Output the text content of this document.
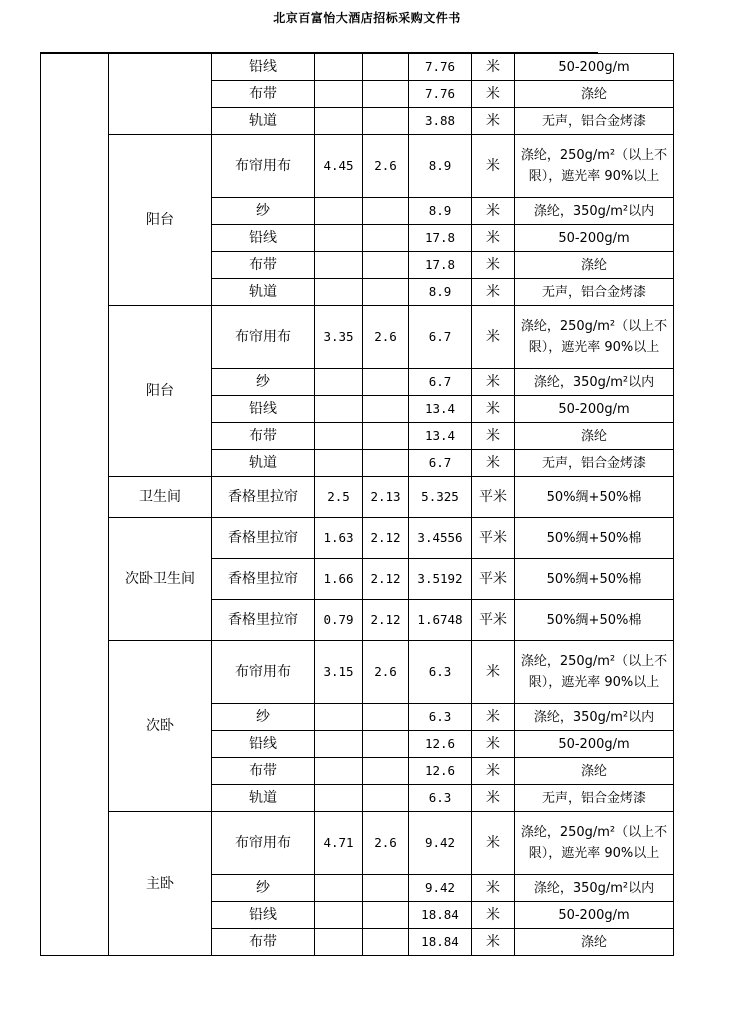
北京百富怡大酒店招标采购文件书
		铅线			7.76	米	50-200g/m
		布带			7.76	米	涤纶
		轨道			3.88	米	无声，铝合金烤漆
	阳台	布帘用布	4.45	2.6	8.9	米	涤纶，250g/m²（以上不限），遮光率 90%以上
		纱			8.9	米	涤纶，350g/m²以内
		铅线			17.8	米	50-200g/m
		布带			17.8	米	涤纶
		轨道			8.9	米	无声，铝合金烤漆
	阳台	布帘用布	3.35	2.6	6.7	米	涤纶，250g/m²（以上不限），遮光率 90%以上
		纱			6.7	米	涤纶，350g/m²以内
		铅线			13.4	米	50-200g/m
		布带			13.4	米	涤纶
		轨道			6.7	米	无声，铝合金烤漆
	卫生间	香格里拉帘	2.5	2.13	5.325	平米	50%绸+50%棉
	次卧卫生间	香格里拉帘	1.63	2.12	3.4556	平米	50%绸+50%棉
		香格里拉帘	1.66	2.12	3.5192	平米	50%绸+50%棉
		香格里拉帘	0.79	2.12	1.6748	平米	50%绸+50%棉
	次卧	布帘用布	3.15	2.6	6.3	米	涤纶，250g/m²（以上不限），遮光率 90%以上
		纱			6.3	米	涤纶，350g/m²以内
		铅线			12.6	米	50-200g/m
		布带			12.6	米	涤纶
		轨道			6.3	米	无声，铝合金烤漆
	主卧	布帘用布	4.71	2.6	9.42	米	涤纶，250g/m²（以上不限），遮光率 90%以上
		纱			9.42	米	涤纶，350g/m²以内
		铅线			18.84	米	50-200g/m
		布带			18.84	米	涤纶
